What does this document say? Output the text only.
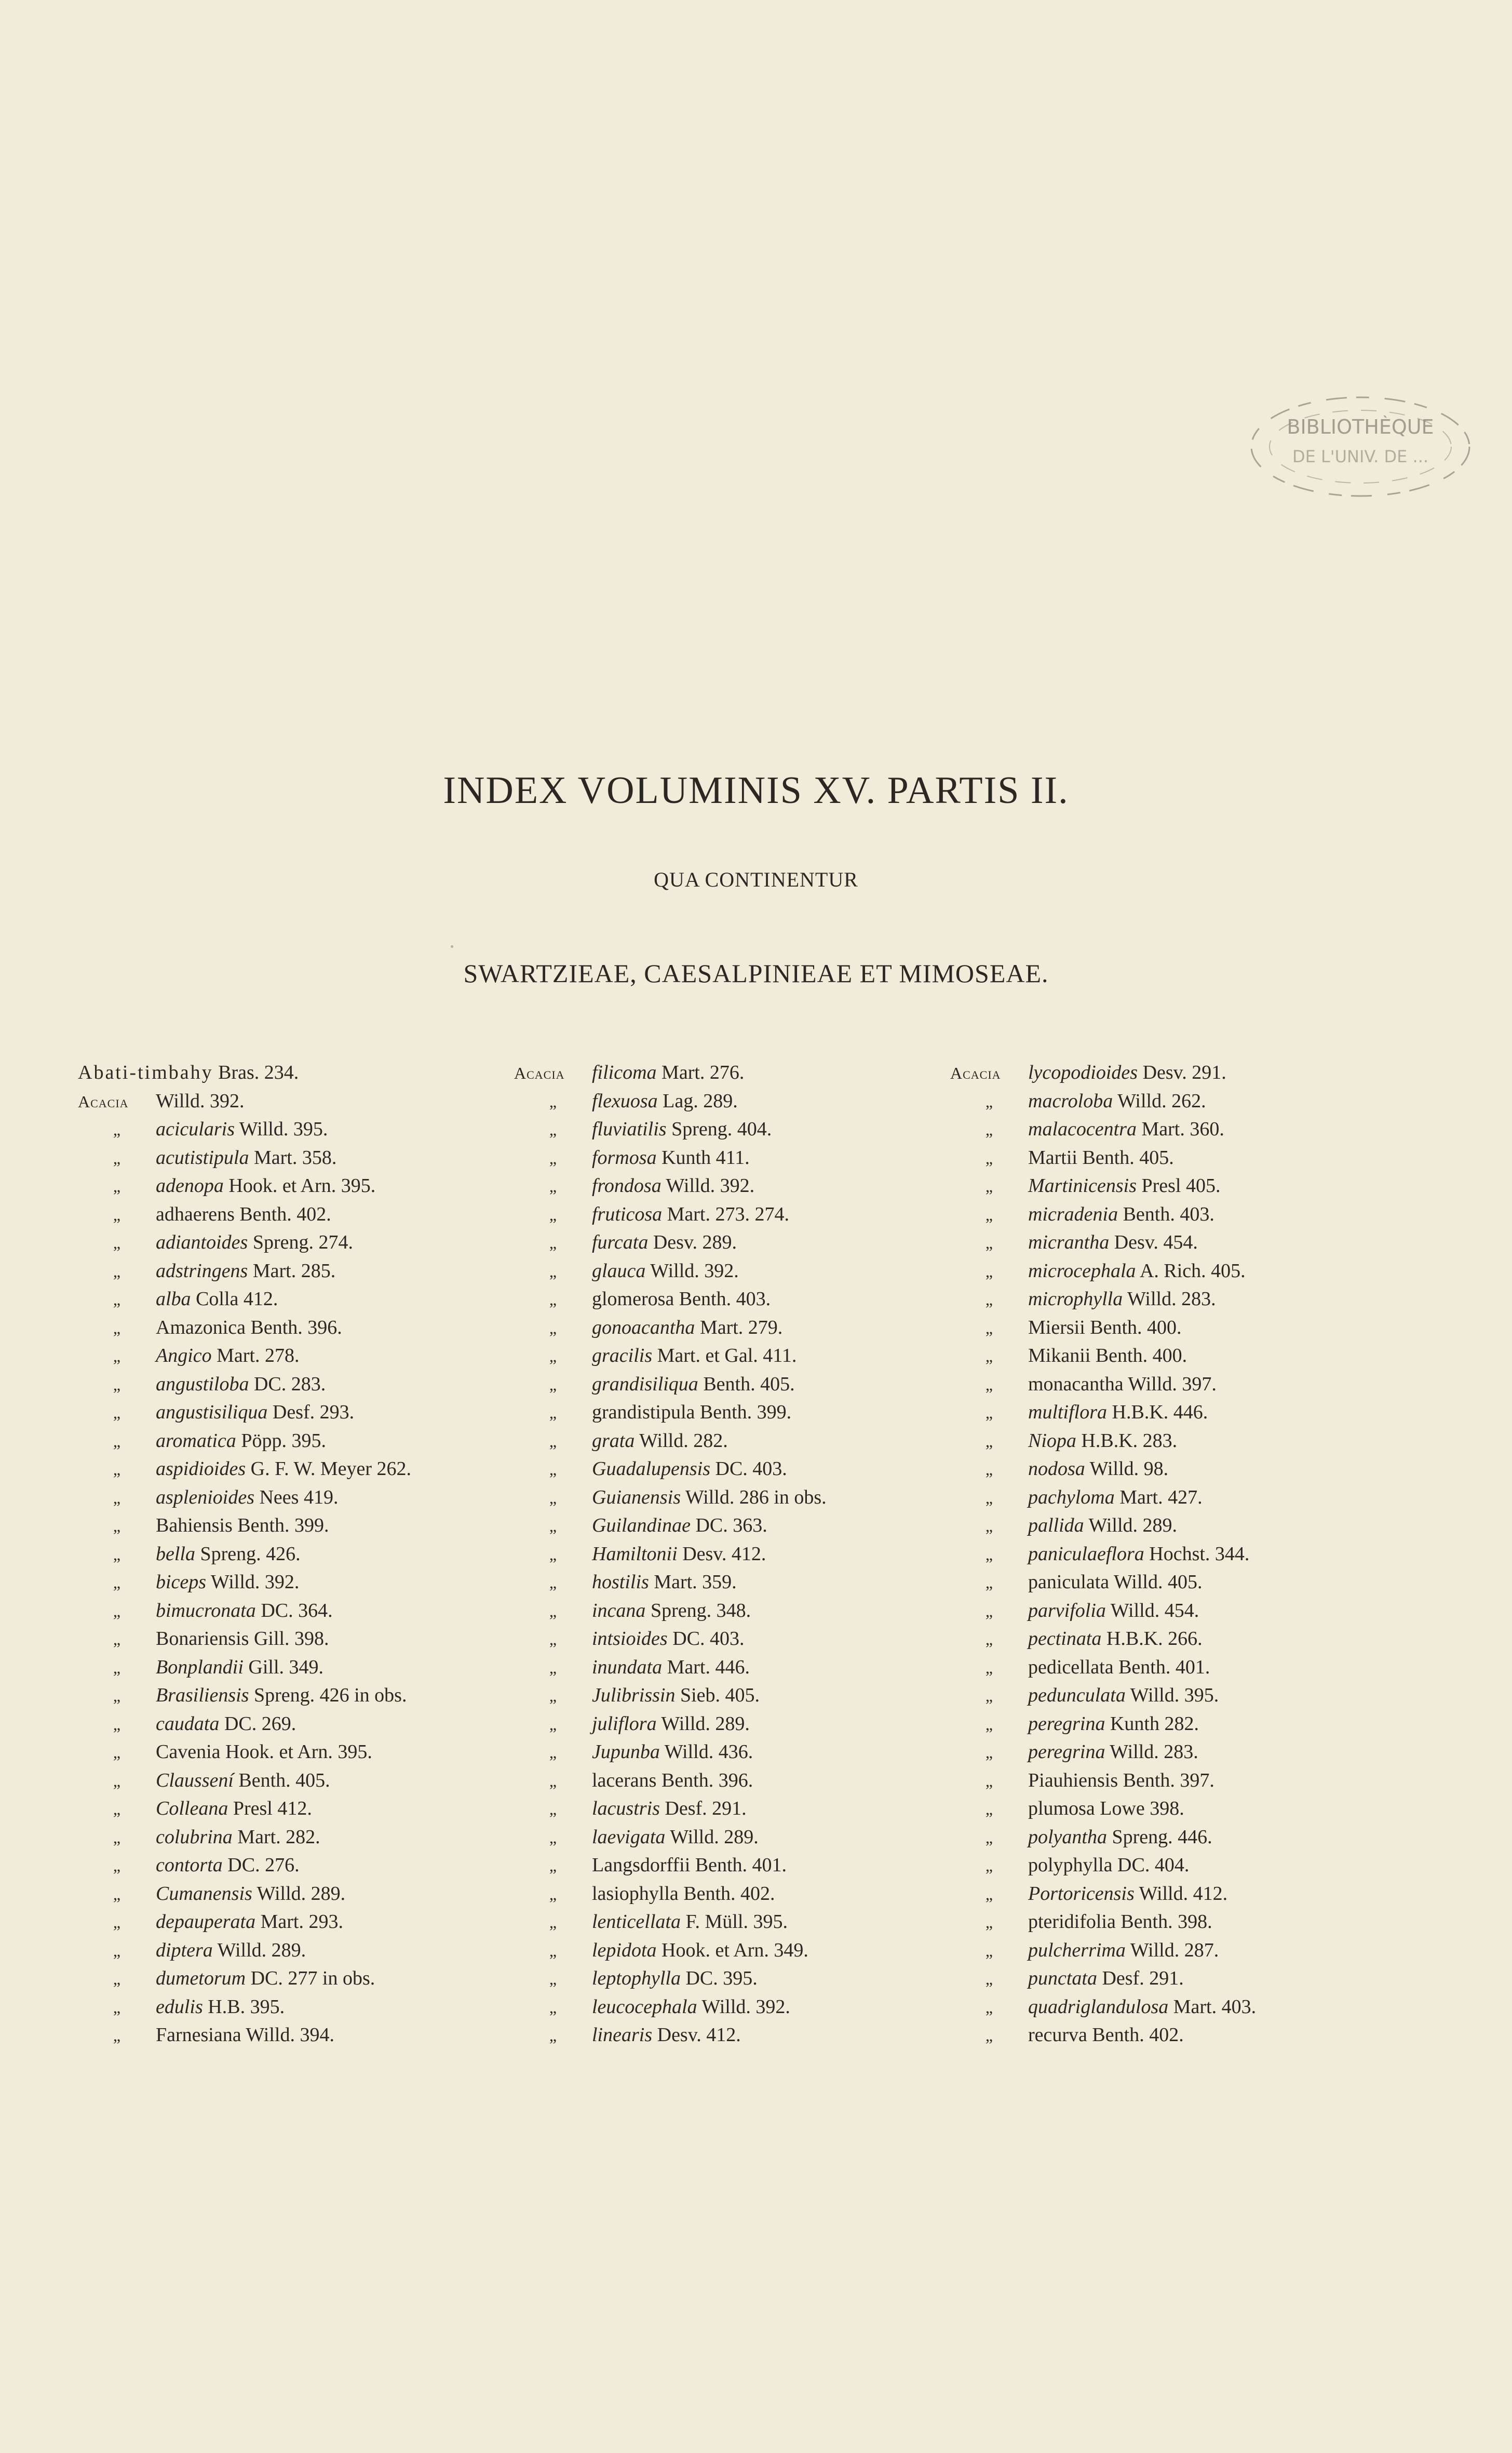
BIBLIOTHÈQUE
DE L'UNIV. DE ...
INDEX VOLUMINIS XV. PARTIS II.
QUA CONTINENTUR
SWARTZIEAE, CAESALPINIEAE ET MIMOSEAE.
Abati-timbahy Bras. 234.
Acacia Willd. 392.
„ acicularis Willd. 395.
„ acutistipula Mart. 358.
„ adenopa Hook. et Arn. 395.
„ adhaerens Benth. 402.
„ adiantoides Spreng. 274.
„ adstringens Mart. 285.
„ alba Colla 412.
„ Amazonica Benth. 396.
„ Angico Mart. 278.
„ angustiloba DC. 283.
„ angustisiliqua Desf. 293.
„ aromatica Pöpp. 395.
„ aspidioides G. F. W. Meyer 262.
„ asplenioides Nees 419.
„ Bahiensis Benth. 399.
„ bella Spreng. 426.
„ biceps Willd. 392.
„ bimucronata DC. 364.
„ Bonariensis Gill. 398.
„ Bonplandii Gill. 349.
„ Brasiliensis Spreng. 426 in obs.
„ caudata DC. 269.
„ Cavenia Hook. et Arn. 395.
„ Claussení Benth. 405.
„ Colleana Presl 412.
„ colubrina Mart. 282.
„ contorta DC. 276.
„ Cumanensis Willd. 289.
„ depauperata Mart. 293.
„ diptera Willd. 289.
„ dumetorum DC. 277 in obs.
„ edulis H.B. 395.
„ Farnesiana Willd. 394.
Acacia filicoma Mart. 276.
„ flexuosa Lag. 289.
„ fluviatilis Spreng. 404.
„ formosa Kunth 411.
„ frondosa Willd. 392.
„ fruticosa Mart. 273. 274.
„ furcata Desv. 289.
„ glauca Willd. 392.
„ glomerosa Benth. 403.
„ gonoacantha Mart. 279.
„ gracilis Mart. et Gal. 411.
„ grandisiliqua Benth. 405.
„ grandistipula Benth. 399.
„ grata Willd. 282.
„ Guadalupensis DC. 403.
„ Guianensis Willd. 286 in obs.
„ Guilandinae DC. 363.
„ Hamiltonii Desv. 412.
„ hostilis Mart. 359.
„ incana Spreng. 348.
„ intsioides DC. 403.
„ inundata Mart. 446.
„ Julibrissin Sieb. 405.
„ juliflora Willd. 289.
„ Jupunba Willd. 436.
„ lacerans Benth. 396.
„ lacustris Desf. 291.
„ laevigata Willd. 289.
„ Langsdorffii Benth. 401.
„ lasiophylla Benth. 402.
„ lenticellata F. Müll. 395.
„ lepidota Hook. et Arn. 349.
„ leptophylla DC. 395.
„ leucocephala Willd. 392.
„ linearis Desv. 412.
Acacia lycopodioides Desv. 291.
„ macroloba Willd. 262.
„ malacocentra Mart. 360.
„ Martii Benth. 405.
„ Martinicensis Presl 405.
„ micradenia Benth. 403.
„ micrantha Desv. 454.
„ microcephala A. Rich. 405.
„ microphylla Willd. 283.
„ Miersii Benth. 400.
„ Mikanii Benth. 400.
„ monacantha Willd. 397.
„ multiflora H.B.K. 446.
„ Niopa H.B.K. 283.
„ nodosa Willd. 98.
„ pachyloma Mart. 427.
„ pallida Willd. 289.
„ paniculaeflora Hochst. 344.
„ paniculata Willd. 405.
„ parvifolia Willd. 454.
„ pectinata H.B.K. 266.
„ pedicellata Benth. 401.
„ pedunculata Willd. 395.
„ peregrina Kunth 282.
„ peregrina Willd. 283.
„ Piauhiensis Benth. 397.
„ plumosa Lowe 398.
„ polyantha Spreng. 446.
„ polyphylla DC. 404.
„ Portoricensis Willd. 412.
„ pteridifolia Benth. 398.
„ pulcherrima Willd. 287.
„ punctata Desf. 291.
„ quadriglandulosa Mart. 403.
„ recurva Benth. 402.
